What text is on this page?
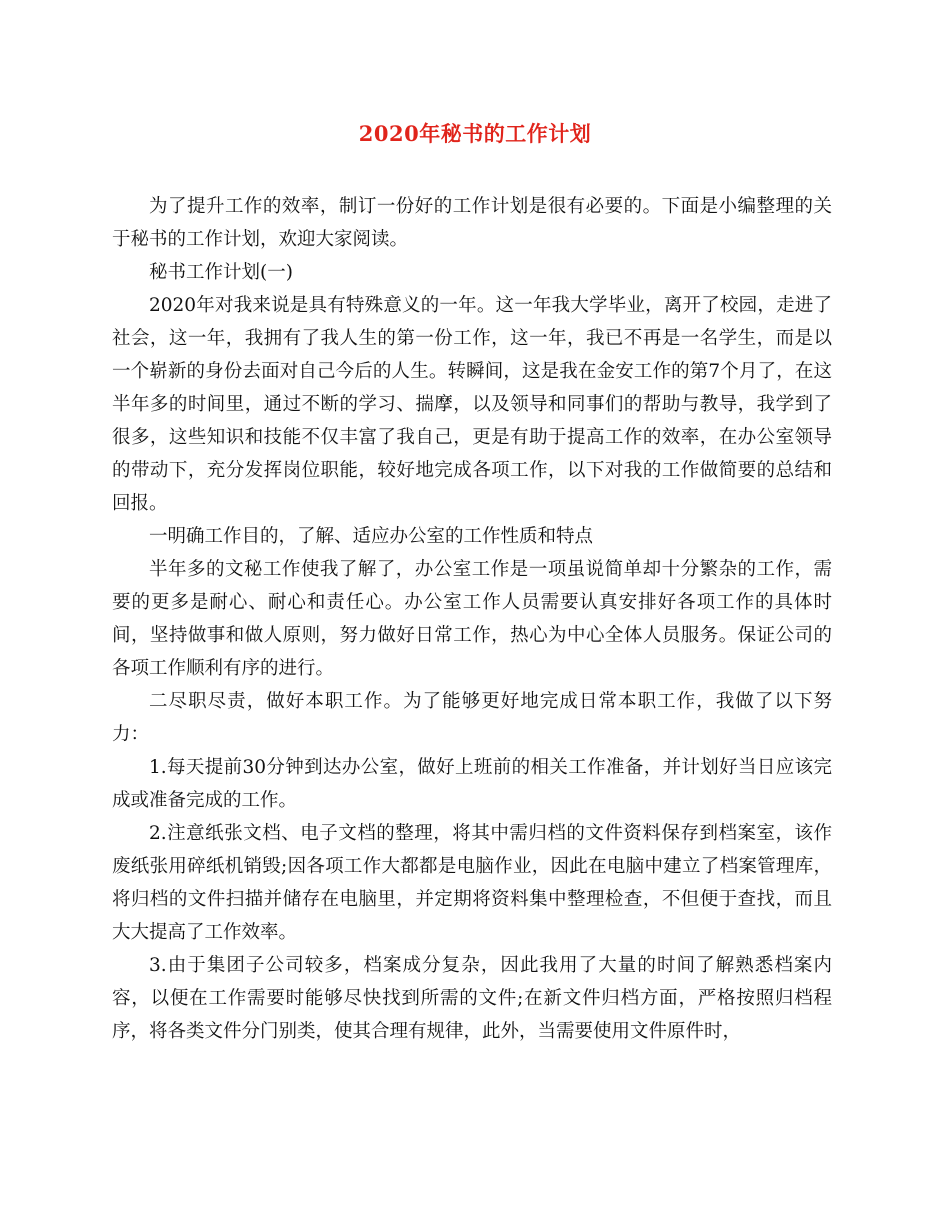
2020年秘书的工作计划

为了提升工作的效率，制订一份好的工作计划是很有必要的。下面是小编整理的关于秘书的工作计划，欢迎大家阅读。

秘书工作计划(一)

2020年对我来说是具有特殊意义的一年。这一年我大学毕业，离开了校园，走进了社会，这一年，我拥有了我人生的第一份工作，这一年，我已不再是一名学生，而是以一个崭新的身份去面对自己今后的人生。转瞬间，这是我在金安工作的第7个月了，在这半年多的时间里，通过不断的学习、揣摩，以及领导和同事们的帮助与教导，我学到了很多，这些知识和技能不仅丰富了我自己，更是有助于提高工作的效率，在办公室领导的带动下，充分发挥岗位职能，较好地完成各项工作，以下对我的工作做简要的总结和回报。

一明确工作目的，了解、适应办公室的工作性质和特点

半年多的文秘工作使我了解了，办公室工作是一项虽说简单却十分繁杂的工作，需要的更多是耐心、耐心和责任心。办公室工作人员需要认真安排好各项工作的具体时间，坚持做事和做人原则，努力做好日常工作，热心为中心全体人员服务。保证公司的各项工作顺利有序的进行。

二尽职尽责，做好本职工作。为了能够更好地完成日常本职工作，我做了以下努力：

1.每天提前30分钟到达办公室，做好上班前的相关工作准备，并计划好当日应该完成或准备完成的工作。

2.注意纸张文档、电子文档的整理，将其中需归档的文件资料保存到档案室，该作废纸张用碎纸机销毁;因各项工作大都都是电脑作业，因此在电脑中建立了档案管理库，将归档的文件扫描并储存在电脑里，并定期将资料集中整理检查，不但便于查找，而且大大提高了工作效率。

3.由于集团子公司较多，档案成分复杂，因此我用了大量的时间了解熟悉档案内容，以便在工作需要时能够尽快找到所需的文件;在新文件归档方面，严格按照归档程序，将各类文件分门别类，使其合理有规律，此外，当需要使用文件原件时，
